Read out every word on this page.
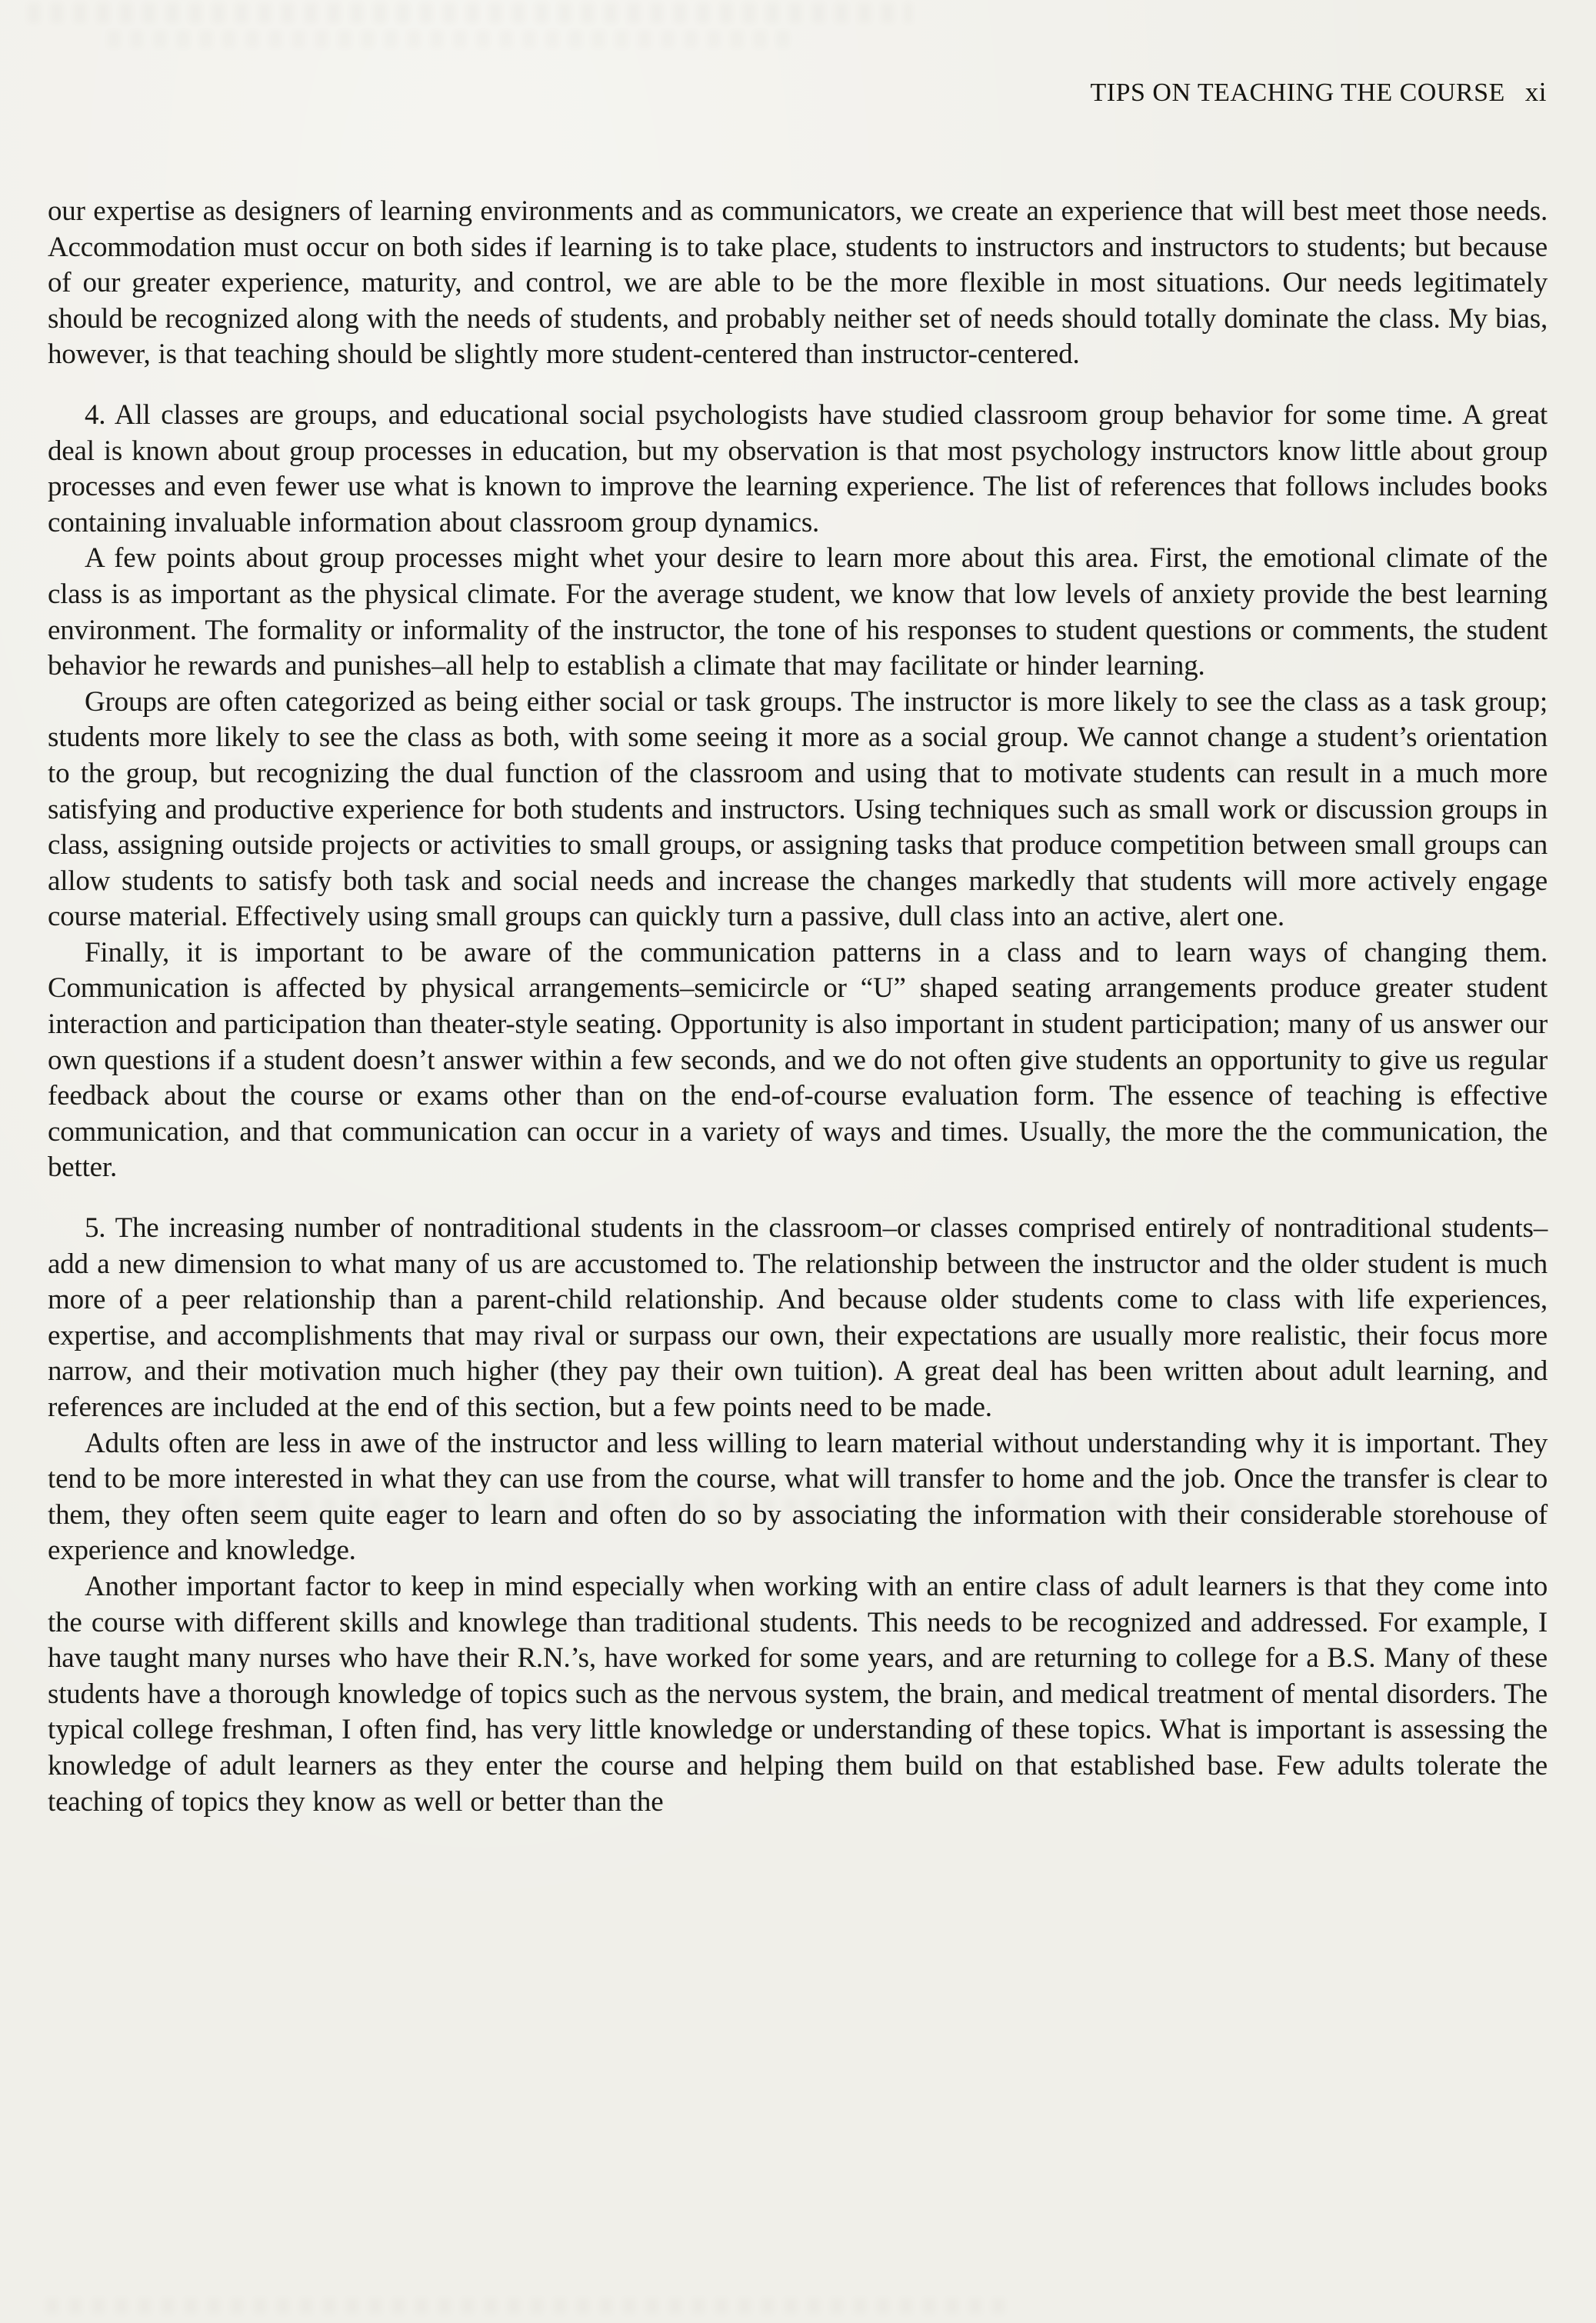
TIPS ON TEACHING THE COURSE xi

our expertise as designers of learning environments and as communicators, we create an experience that will best meet those needs. Accommodation must occur on both sides if learning is to take place, students to instructors and instructors to students; but because of our greater experience, maturity, and control, we are able to be the more flexible in most situations. Our needs legitimately should be recognized along with the needs of students, and probably neither set of needs should totally dominate the class. My bias, however, is that teaching should be slightly more student-centered than instructor-centered.

4. All classes are groups, and educational social psychologists have studied classroom group behavior for some time. A great deal is known about group processes in education, but my observation is that most psychology instructors know little about group processes and even fewer use what is known to improve the learning experience. The list of references that follows includes books containing invaluable information about classroom group dynamics.

A few points about group processes might whet your desire to learn more about this area. First, the emotional climate of the class is as important as the physical climate. For the average student, we know that low levels of anxiety provide the best learning environment. The formality or informality of the instructor, the tone of his responses to student questions or comments, the student behavior he rewards and punishes–all help to establish a climate that may facilitate or hinder learning.

Groups are often categorized as being either social or task groups. The instructor is more likely to see the class as a task group; students more likely to see the class as both, with some seeing it more as a social group. We cannot change a student’s orientation to the group, but recognizing the dual function of the classroom and using that to motivate students can result in a much more satisfying and productive experience for both students and instructors. Using techniques such as small work or discussion groups in class, assigning outside projects or activities to small groups, or assigning tasks that produce competition between small groups can allow students to satisfy both task and social needs and increase the changes markedly that students will more actively engage course material. Effectively using small groups can quickly turn a passive, dull class into an active, alert one.

Finally, it is important to be aware of the communication patterns in a class and to learn ways of changing them. Communication is affected by physical arrangements–semicircle or “U” shaped seating arrangements produce greater student interaction and participation than theater-style seating. Opportunity is also important in student participation; many of us answer our own questions if a student doesn’t answer within a few seconds, and we do not often give students an opportunity to give us regular feedback about the course or exams other than on the end-of-course evaluation form. The essence of teaching is effective communication, and that communication can occur in a variety of ways and times. Usually, the more the the communication, the better.

5. The increasing number of nontraditional students in the classroom–or classes comprised entirely of nontraditional students–add a new dimension to what many of us are accustomed to. The relationship between the instructor and the older student is much more of a peer relationship than a parent-child relationship. And because older students come to class with life experiences, expertise, and accomplishments that may rival or surpass our own, their expectations are usually more realistic, their focus more narrow, and their motivation much higher (they pay their own tuition). A great deal has been written about adult learning, and references are included at the end of this section, but a few points need to be made.

Adults often are less in awe of the instructor and less willing to learn material without understanding why it is important. They tend to be more interested in what they can use from the course, what will transfer to home and the job. Once the transfer is clear to them, they often seem quite eager to learn and often do so by associating the information with their considerable storehouse of experience and knowledge.

Another important factor to keep in mind especially when working with an entire class of adult learners is that they come into the course with different skills and knowlege than traditional students. This needs to be recognized and addressed. For example, I have taught many nurses who have their R.N.’s, have worked for some years, and are returning to college for a B.S. Many of these students have a thorough knowledge of topics such as the nervous system, the brain, and medical treatment of mental disorders. The typical college freshman, I often find, has very little knowledge or understanding of these topics. What is important is assessing the knowledge of adult learners as they enter the course and helping them build on that established base. Few adults tolerate the teaching of topics they know as well or better than the
